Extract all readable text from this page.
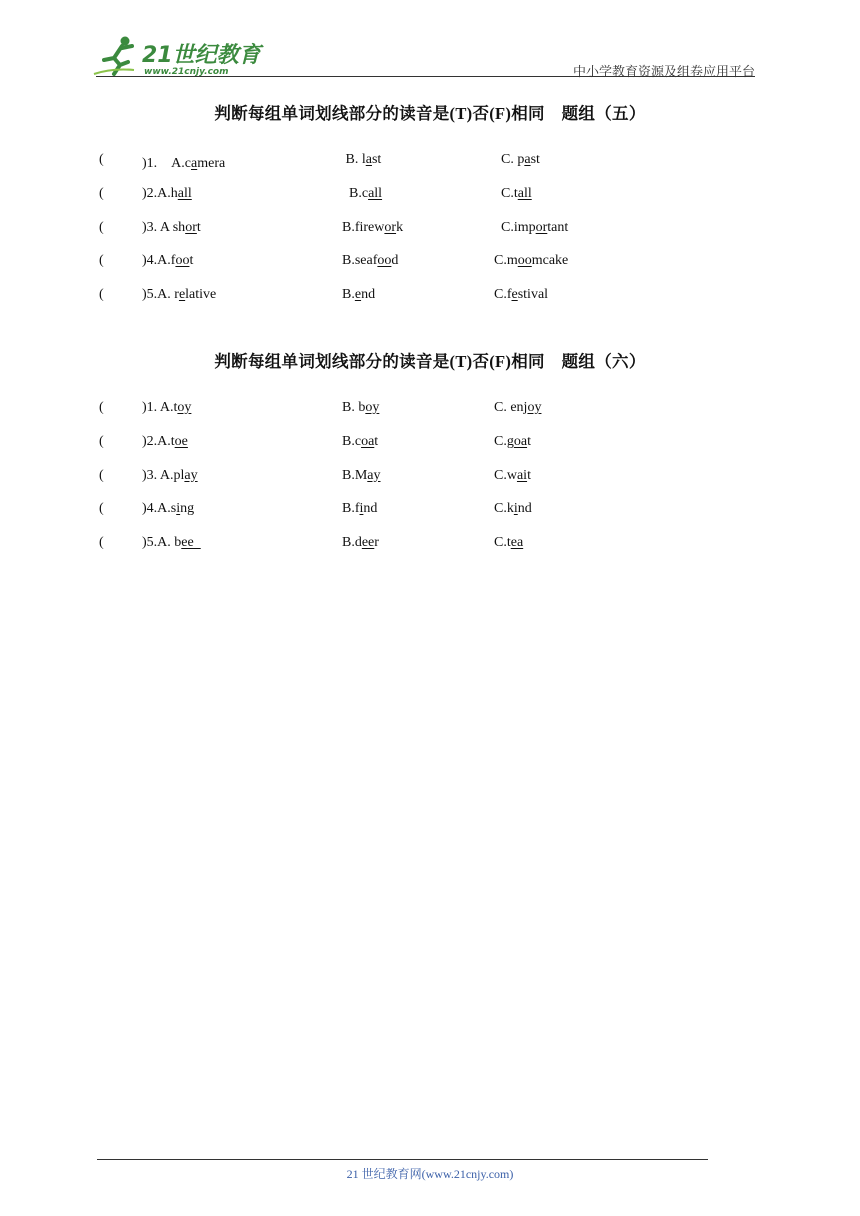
21世纪教育
www.21cnjy.com	中小学教育资源及组卷应用平台
判断每组单词划线部分的读音是(T)否(F)相同　题组（五）
(	)1.　A.camera	B. last	C. past
(	)2.A.hall	B.call	C.tall
(	)3. A short	B.firework	C.important
(	)4.A.foot	B.seafood	C.moomcake
(	)5.A. relative	B.end	C.festival
判断每组单词划线部分的读音是(T)否(F)相同　题组（六）
(	)1. A.toy	B. boy	C. enjoy
(	)2.A.toe	B.coat	C.goat
(	)3. A.play	B.May	C.wait
(	)4.A.sing	B.find	C.kind
(	)5.A. bee	B.deer	C.tea
21 世纪教育网(www.21cnjy.com)
